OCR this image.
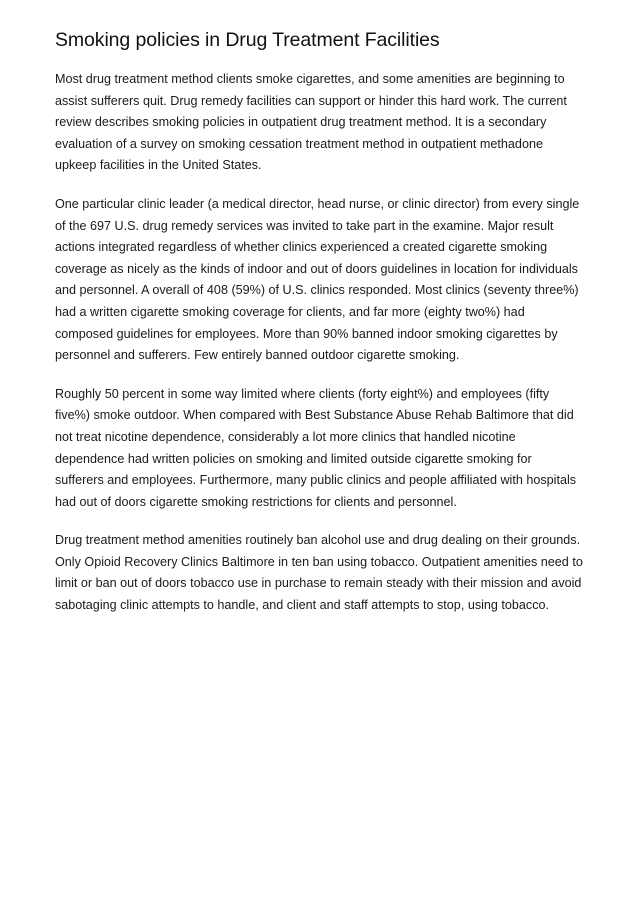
Smoking policies in Drug Treatment Facilities

Most drug treatment method clients smoke cigarettes, and some amenities are beginning to assist sufferers quit. Drug remedy facilities can support or hinder this hard work. The current review describes smoking policies in outpatient drug treatment method. It is a secondary evaluation of a survey on smoking cessation treatment method in outpatient methadone upkeep facilities in the United States.

One particular clinic leader (a medical director, head nurse, or clinic director) from every single of the 697 U.S. drug remedy services was invited to take part in the examine. Major result actions integrated regardless of whether clinics experienced a created cigarette smoking coverage as nicely as the kinds of indoor and out of doors guidelines in location for individuals and personnel. A overall of 408 (59%) of U.S. clinics responded. Most clinics (seventy three%) had a written cigarette smoking coverage for clients, and far more (eighty two%) had composed guidelines for employees. More than 90% banned indoor smoking cigarettes by personnel and sufferers. Few entirely banned outdoor cigarette smoking.

Roughly 50 percent in some way limited where clients (forty eight%) and employees (fifty five%) smoke outdoor. When compared with Best Substance Abuse Rehab Baltimore that did not treat nicotine dependence, considerably a lot more clinics that handled nicotine dependence had written policies on smoking and limited outside cigarette smoking for sufferers and employees. Furthermore, many public clinics and people affiliated with hospitals had out of doors cigarette smoking restrictions for clients and personnel.

Drug treatment method amenities routinely ban alcohol use and drug dealing on their grounds. Only Opioid Recovery Clinics Baltimore in ten ban using tobacco. Outpatient amenities need to limit or ban out of doors tobacco use in purchase to remain steady with their mission and avoid sabotaging clinic attempts to handle, and client and staff attempts to stop, using tobacco.
